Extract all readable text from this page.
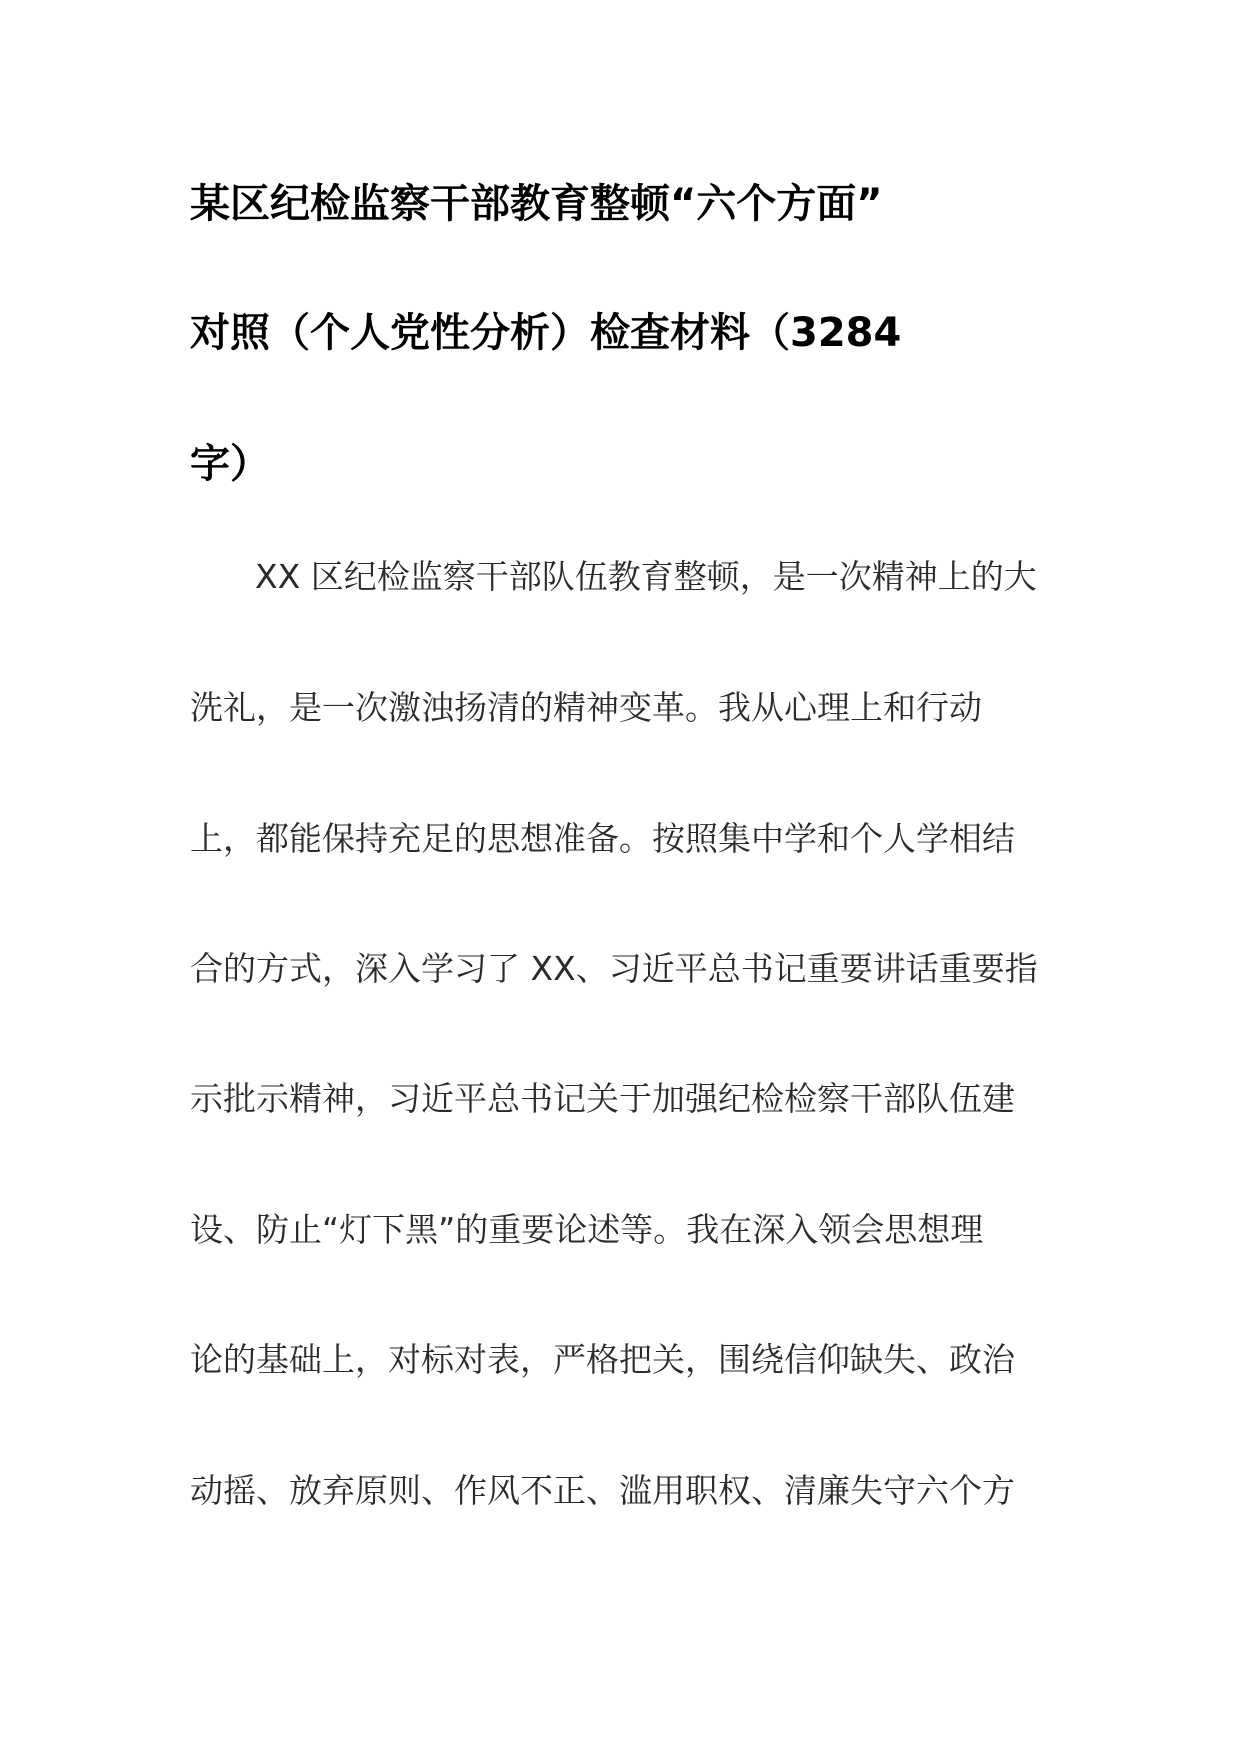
某区纪检监察干部教育整顿“六个方面”
对照（个人党性分析）检查材料（3284
字）
XX 区纪检监察干部队伍教育整顿，是一次精神上的大
洗礼，是一次激浊扬清的精神变革。我从心理上和行动
上，都能保持充足的思想准备。按照集中学和个人学相结
合的方式，深入学习了 XX、习近平总书记重要讲话重要指
示批示精神，习近平总书记关于加强纪检检察干部队伍建
设、防止“灯下黑”的重要论述等。我在深入领会思想理
论的基础上，对标对表，严格把关，围绕信仰缺失、政治
动摇、放弃原则、作风不正、滥用职权、清廉失守六个方
